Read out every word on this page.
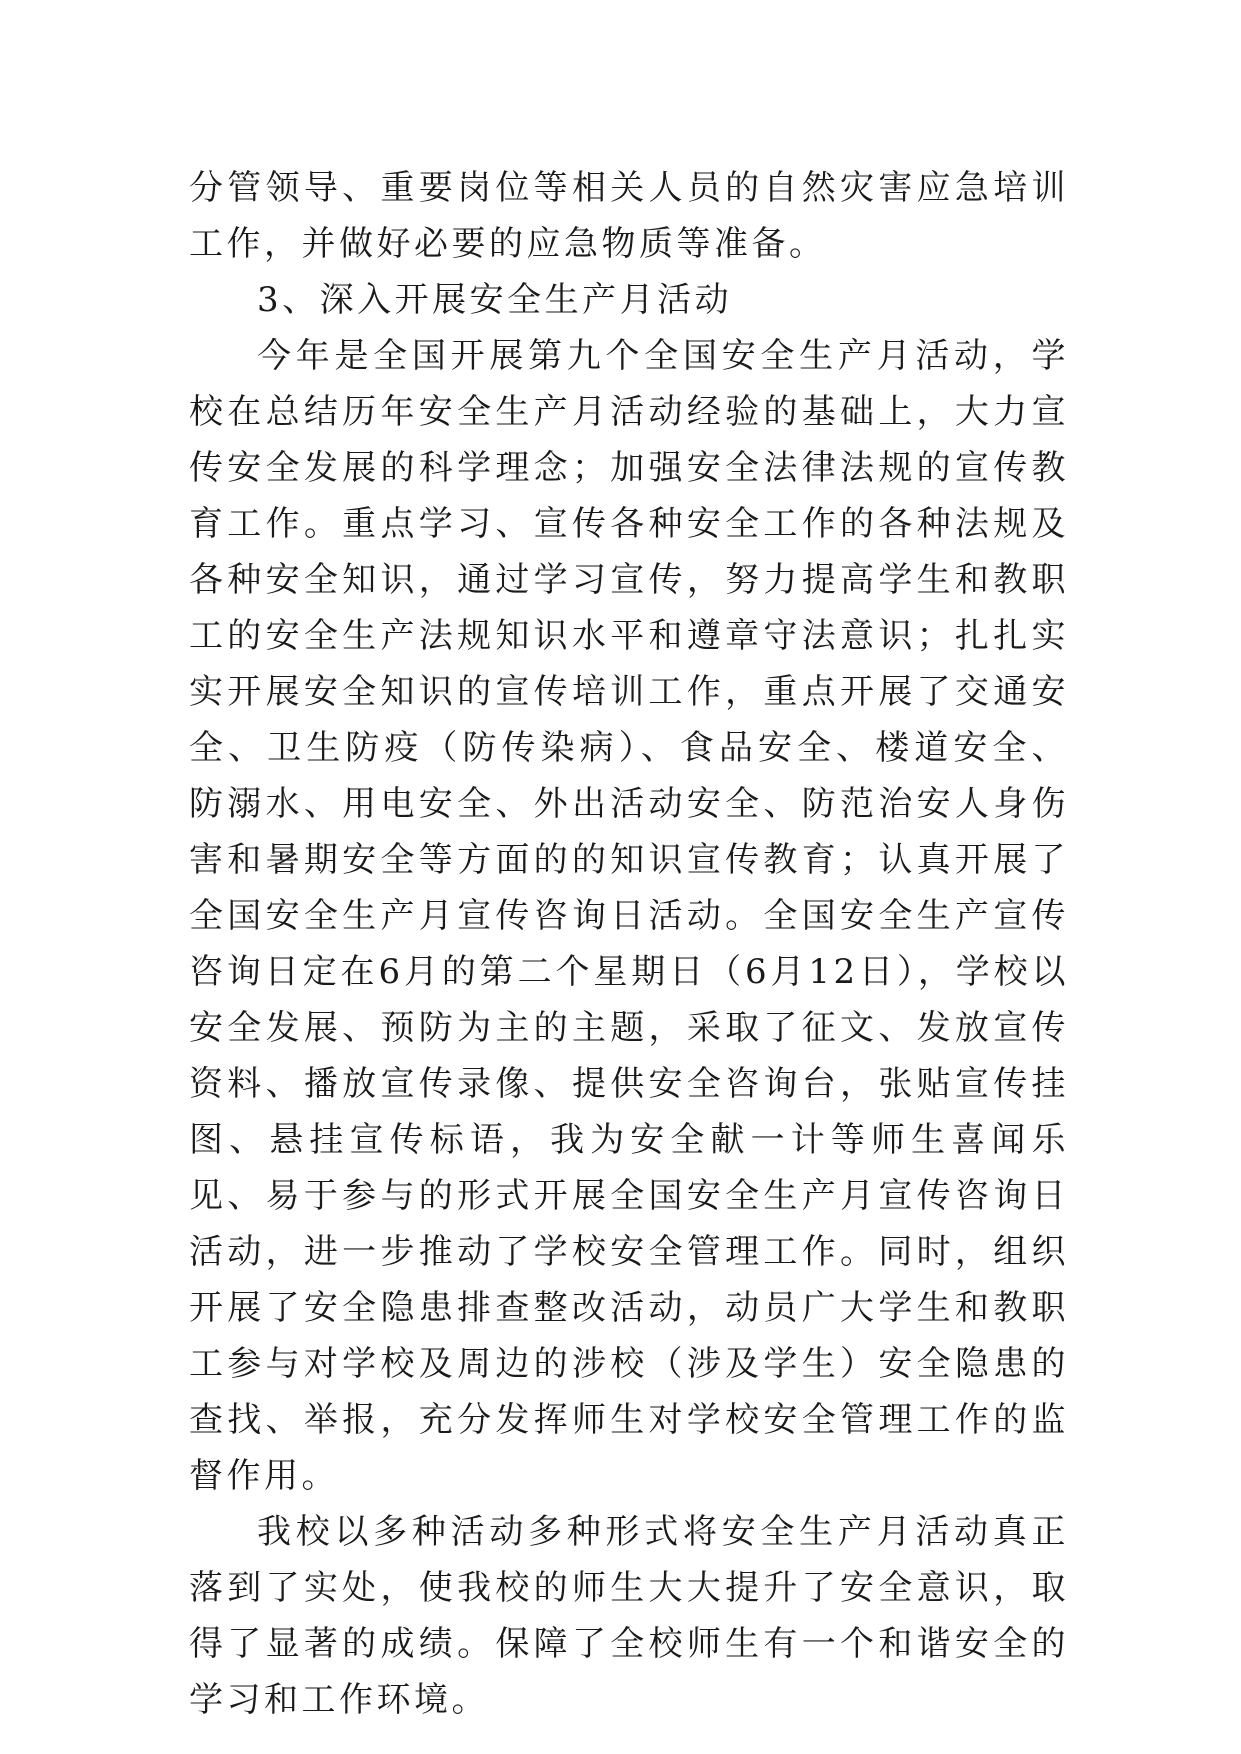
分管领导、重要岗位等相关人员的自然灾害应急培训工作，并做好必要的应急物质等准备。

3、深入开展安全生产月活动

今年是全国开展第九个全国安全生产月活动，学校在总结历年安全生产月活动经验的基础上，大力宣传安全发展的科学理念；加强安全法律法规的宣传教育工作。重点学习、宣传各种安全工作的各种法规及各种安全知识，通过学习宣传，努力提高学生和教职工的安全生产法规知识水平和遵章守法意识；扎扎实实开展安全知识的宣传培训工作，重点开展了交通安全、卫生防疫（防传染病）、食品安全、楼道安全、防溺水、用电安全、外出活动安全、防范治安人身伤害和暑期安全等方面的的知识宣传教育；认真开展了全国安全生产月宣传咨询日活动。全国安全生产宣传咨询日定在6月的第二个星期日（6月12日），学校以安全发展、预防为主的主题，采取了征文、发放宣传资料、播放宣传录像、提供安全咨询台，张贴宣传挂图、悬挂宣传标语，我为安全献一计等师生喜闻乐见、易于参与的形式开展全国安全生产月宣传咨询日活动，进一步推动了学校安全管理工作。同时，组织开展了安全隐患排查整改活动，动员广大学生和教职工参与对学校及周边的涉校（涉及学生）安全隐患的查找、举报，充分发挥师生对学校安全管理工作的监督作用。

我校以多种活动多种形式将安全生产月活动真正落到了实处，使我校的师生大大提升了安全意识，取得了显著的成绩。保障了全校师生有一个和谐安全的学习和工作环境。
